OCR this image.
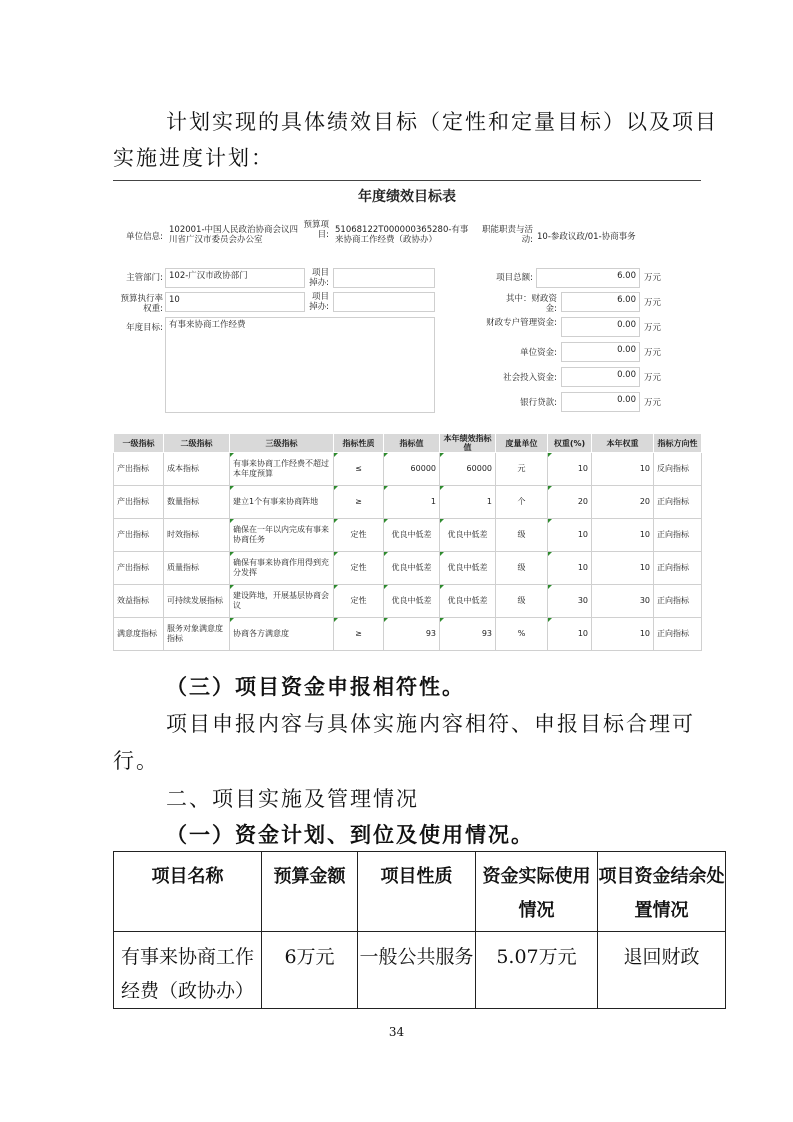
计划实现的具体绩效目标（定性和定量目标）以及项目
实施进度计划：
年度绩效目标表
单位信息:
102001-中国人民政治协商会议四川省广汉市委员会办公室
预算项目: 51068122T000000365280-有事来协商工作经费（政协办）
职能职责与活动: 10-参政议政/01-协商事务
主管部门: 102-广汉市政协部门	项目掉办:
预算执行率权重:
10	项目掉办:
年度目标: 有事来协商工作经费
项目总额:	6.00 万元
其中：财政资金:
6.00 万元
财政专户管理资金:	0.00 万元
单位资金:	0.00 万元
社会投入资金:	0.00 万元
银行贷款:	0.00 万元
一级指标	二级指标	三级指标	指标性质	指标值	本年绩效指标值	度量单位	权重(%)	本年权重	指标方向性
产出指标	成本指标	有事来协商工作经费不超过本年度预算	≤	60000	60000	元	10	10	反向指标
产出指标	数量指标	建立1个有事来协商阵地	≥	1	1	个	20	20	正向指标
产出指标	时效指标	确保在一年以内完成有事来协商任务	定性	优良中低差	优良中低差	级	10	10	正向指标
产出指标	质量指标	确保有事来协商作用得到充分发挥	定性	优良中低差	优良中低差	级	10	10	正向指标
效益指标	可持续发展指标	建设阵地，开展基层协商会议	定性	优良中低差	优良中低差	级	30	30	正向指标
满意度指标	服务对象满意度指标	协商各方满意度	≥	93	93	%	10	10	正向指标
（三）项目资金申报相符性。
项目申报内容与具体实施内容相符、申报目标合理可
行。
二、项目实施及管理情况
（一）资金计划、到位及使用情况。
项目名称	预算金额	项目性质	资金实际使用情况	项目资金结余处置情况
有事来协商工作经费（政协办）	6万元	一般公共服务	5.07万元	退回财政
34
